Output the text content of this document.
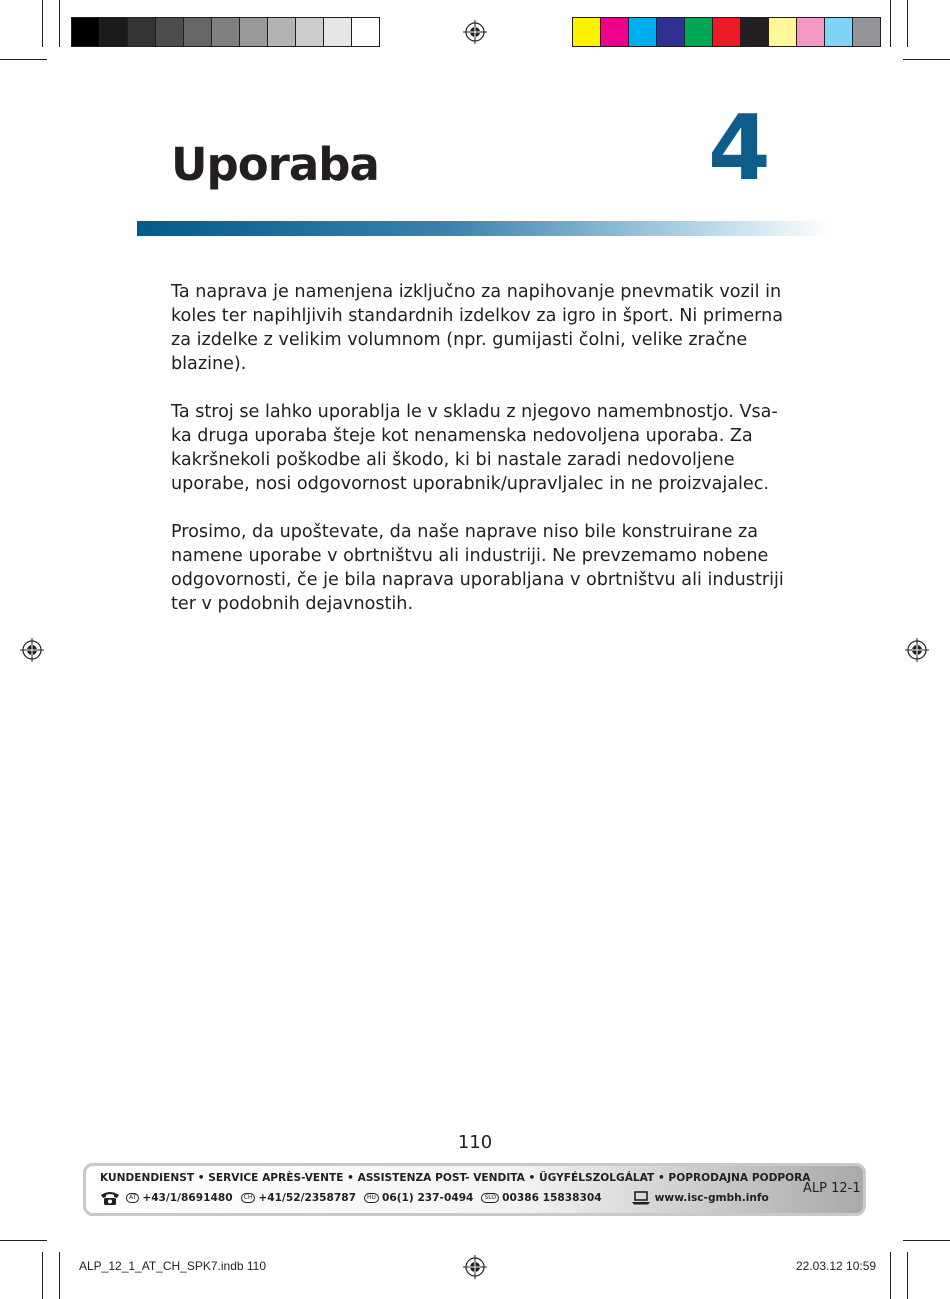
Uporaba	4

Ta naprava je namenjena izključno za napihovanje pnevmatik vozil in koles ter napihljivih standardnih izdelkov za igro in šport. Ni primerna za izdelke z velikim volumnom (npr. gumijasti čolni, velike zračne blazine).

Ta stroj se lahko uporablja le v skladu z njegovo namembnostjo. Vsa-ka druga uporaba šteje kot nenamenska nedovoljena uporaba. Za kakršnekoli poškodbe ali škodo, ki bi nastale zaradi nedovoljene uporabe, nosi odgovornost uporabnik/upravljalec in ne proizvajalec.

Prosimo, da upoštevate, da naše naprave niso bile konstruirane za namene uporabe v obrtništvu ali industriji. Ne prevzemamo nobene odgovornosti, če je bila naprava uporabljana v obrtništvu ali industriji ter v podobnih dejavnostih.

110
KUNDENDIENST • SERVICE APRÈS-VENTE • ASSISTENZA POST- VENDITA • ÜGYFÉLSZOLGÁLAT • POPRODAJNA PODPORA
AT +43/1/8691480	CH +41/52/2358787	HU 06(1) 237-0494	SLO 00386 15838304	www.isc-gmbh.info
ALP 12-1
ALP_12_1_AT_CH_SPK7.indb 110	22.03.12 10:59
